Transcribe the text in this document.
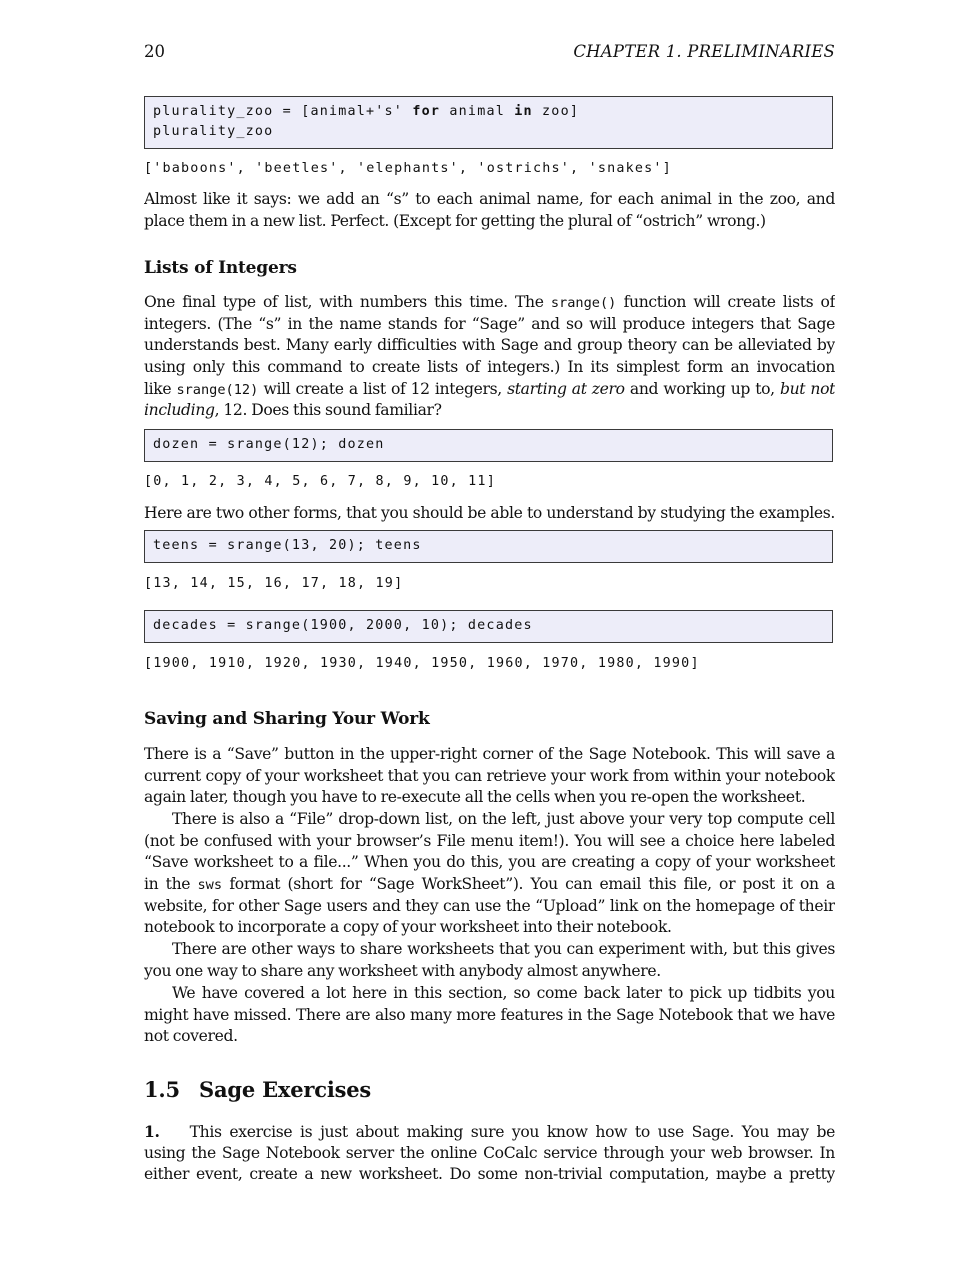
20	CHAPTER 1. PRELIMINARIES
plurality_zoo = [animal+'s' for animal in zoo]
plurality_zoo
['baboons', 'beetles', 'elephants', 'ostrichs', 'snakes']
Almost like it says: we add an “s” to each animal name, for each animal in the zoo, and
place them in a new list. Perfect. (Except for getting the plural of “ostrich” wrong.)
Lists of Integers
One final type of list, with numbers this time. The srange() function will create lists of
integers. (The “s” in the name stands for “Sage” and so will produce integers that Sage
understands best. Many early difficulties with Sage and group theory can be alleviated by
using only this command to create lists of integers.) In its simplest form an invocation
like srange(12) will create a list of 12 integers, starting at zero and working up to, but not
including, 12. Does this sound familiar?
dozen = srange(12); dozen
[0, 1, 2, 3, 4, 5, 6, 7, 8, 9, 10, 11]
Here are two other forms, that you should be able to understand by studying the examples.
teens = srange(13, 20); teens
[13, 14, 15, 16, 17, 18, 19]
decades = srange(1900, 2000, 10); decades
[1900, 1910, 1920, 1930, 1940, 1950, 1960, 1970, 1980, 1990]
Saving and Sharing Your Work
There is a “Save” button in the upper-right corner of the Sage Notebook. This will save a
current copy of your worksheet that you can retrieve your work from within your notebook
again later, though you have to re-execute all the cells when you re-open the worksheet.
There is also a “File” drop-down list, on the left, just above your very top compute cell
(not be confused with your browser’s File menu item!). You will see a choice here labeled
“Save worksheet to a file...” When you do this, you are creating a copy of your worksheet
in the sws format (short for “Sage WorkSheet”). You can email this file, or post it on a
website, for other Sage users and they can use the “Upload” link on the homepage of their
notebook to incorporate a copy of your worksheet into their notebook.
There are other ways to share worksheets that you can experiment with, but this gives
you one way to share any worksheet with anybody almost anywhere.
We have covered a lot here in this section, so come back later to pick up tidbits you
might have missed. There are also many more features in the Sage Notebook that we have
not covered.
1.5 Sage Exercises
1. This exercise is just about making sure you know how to use Sage. You may be
using the Sage Notebook server the online CoCalc service through your web browser. In
either event, create a new worksheet. Do some non-trivial computation, maybe a pretty
